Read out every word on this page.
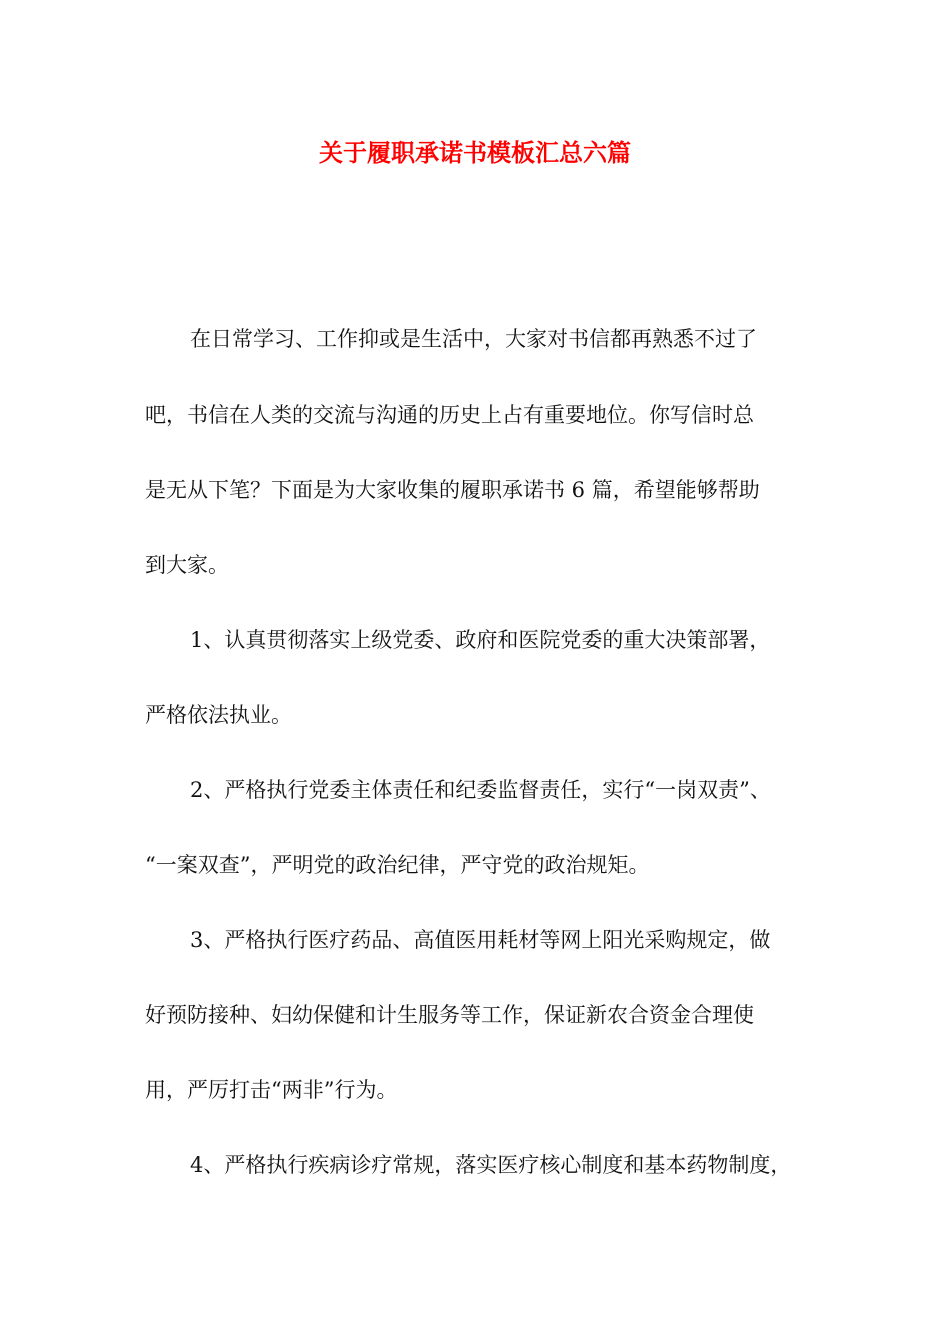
关于履职承诺书模板汇总六篇

在日常学习、工作抑或是生活中，大家对书信都再熟悉不过了

吧，书信在人类的交流与沟通的历史上占有重要地位。你写信时总

是无从下笔？下面是为大家收集的履职承诺书 6 篇，希望能够帮助

到大家。

1、认真贯彻落实上级党委、政府和医院党委的重大决策部署，

严格依法执业。

2、严格执行党委主体责任和纪委监督责任，实行“一岗双责”、

“一案双查”，严明党的政治纪律，严守党的政治规矩。

3、严格执行医疗药品、高值医用耗材等网上阳光采购规定，做

好预防接种、妇幼保健和计生服务等工作，保证新农合资金合理使

用，严厉打击“两非”行为。

4、严格执行疾病诊疗常规，落实医疗核心制度和基本药物制度，
